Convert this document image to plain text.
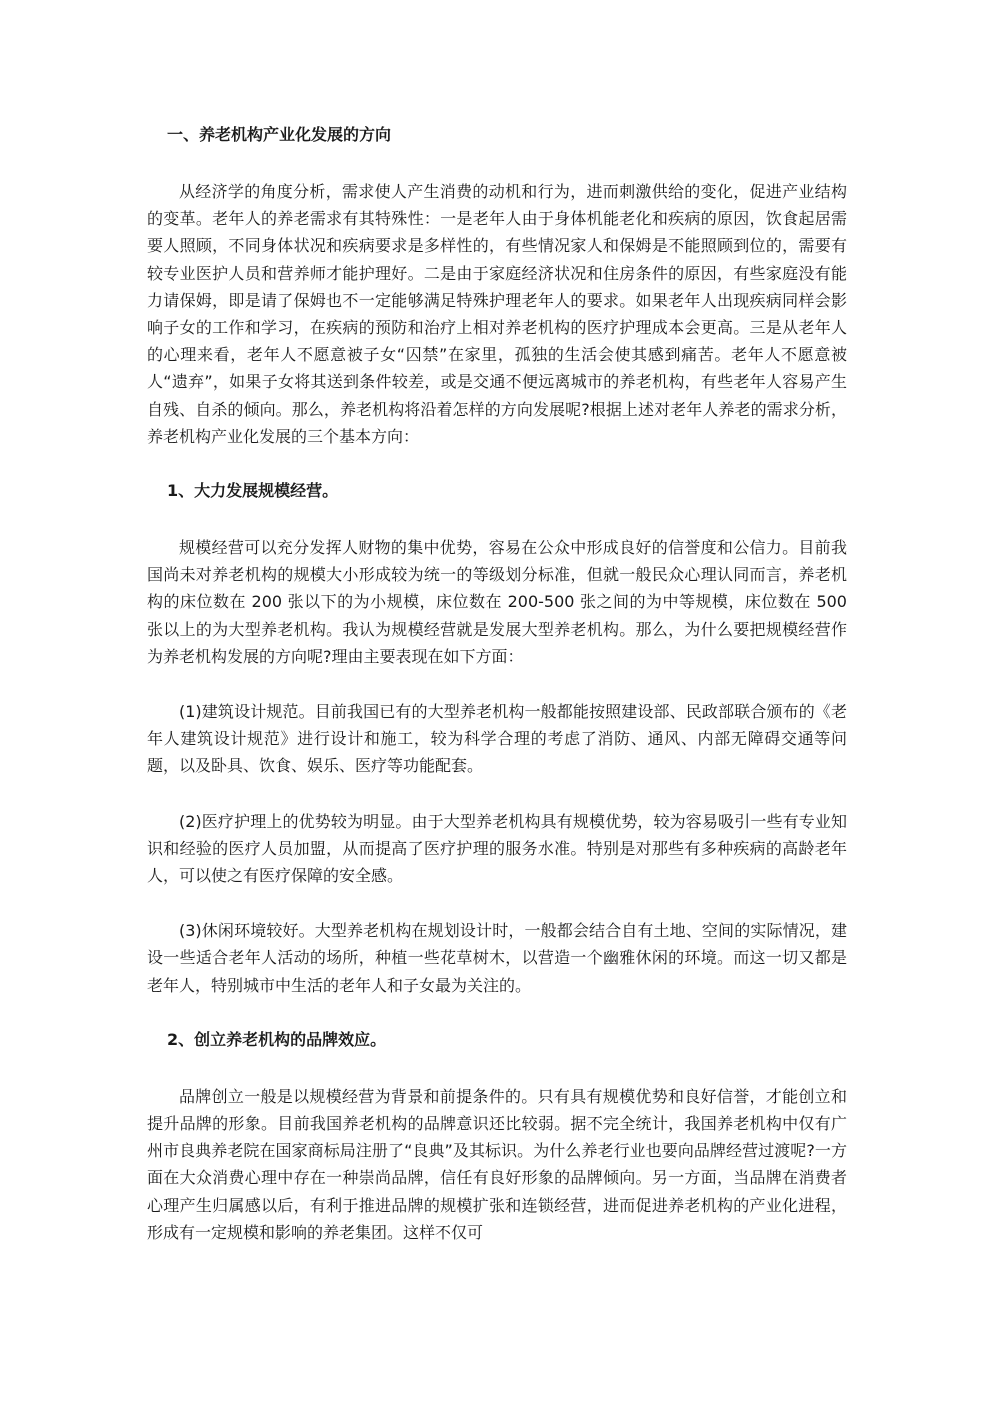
一、养老机构产业化发展的方向

从经济学的角度分析，需求使人产生消费的动机和行为，进而刺激供给的变化，促进产业结构的变革。老年人的养老需求有其特殊性：一是老年人由于身体机能老化和疾病的原因，饮食起居需要人照顾，不同身体状况和疾病要求是多样性的，有些情况家人和保姆是不能照顾到位的，需要有较专业医护人员和营养师才能护理好。二是由于家庭经济状况和住房条件的原因，有些家庭没有能力请保姆，即是请了保姆也不一定能够满足特殊护理老年人的要求。如果老年人出现疾病同样会影响子女的工作和学习，在疾病的预防和治疗上相对养老机构的医疗护理成本会更高。三是从老年人的心理来看，老年人不愿意被子女“囚禁”在家里，孤独的生活会使其感到痛苦。老年人不愿意被人“遗弃”，如果子女将其送到条件较差，或是交通不便远离城市的养老机构，有些老年人容易产生自残、自杀的倾向。那么，养老机构将沿着怎样的方向发展呢?根据上述对老年人养老的需求分析，养老机构产业化发展的三个基本方向：

1、大力发展规模经营。

规模经营可以充分发挥人财物的集中优势，容易在公众中形成良好的信誉度和公信力。目前我国尚未对养老机构的规模大小形成较为统一的等级划分标准，但就一般民众心理认同而言，养老机构的床位数在 200 张以下的为小规模，床位数在 200-500 张之间的为中等规模，床位数在 500 张以上的为大型养老机构。我认为规模经营就是发展大型养老机构。那么，为什么要把规模经营作为养老机构发展的方向呢?理由主要表现在如下方面：

(1)建筑设计规范。目前我国已有的大型养老机构一般都能按照建设部、民政部联合颁布的《老年人建筑设计规范》进行设计和施工，较为科学合理的考虑了消防、通风、内部无障碍交通等问题，以及卧具、饮食、娱乐、医疗等功能配套。

(2)医疗护理上的优势较为明显。由于大型养老机构具有规模优势，较为容易吸引一些有专业知识和经验的医疗人员加盟，从而提高了医疗护理的服务水准。特别是对那些有多种疾病的高龄老年人，可以使之有医疗保障的安全感。

(3)休闲环境较好。大型养老机构在规划设计时，一般都会结合自有土地、空间的实际情况，建设一些适合老年人活动的场所，种植一些花草树木，以营造一个幽雅休闲的环境。而这一切又都是老年人，特别城市中生活的老年人和子女最为关注的。

2、创立养老机构的品牌效应。

品牌创立一般是以规模经营为背景和前提条件的。只有具有规模优势和良好信誉，才能创立和提升品牌的形象。目前我国养老机构的品牌意识还比较弱。据不完全统计，我国养老机构中仅有广州市良典养老院在国家商标局注册了“良典”及其标识。为什么养老行业也要向品牌经营过渡呢?一方面在大众消费心理中存在一种崇尚品牌，信任有良好形象的品牌倾向。另一方面，当品牌在消费者心理产生归属感以后，有利于推进品牌的规模扩张和连锁经营，进而促进养老机构的产业化进程，形成有一定规模和影响的养老集团。这样不仅可
